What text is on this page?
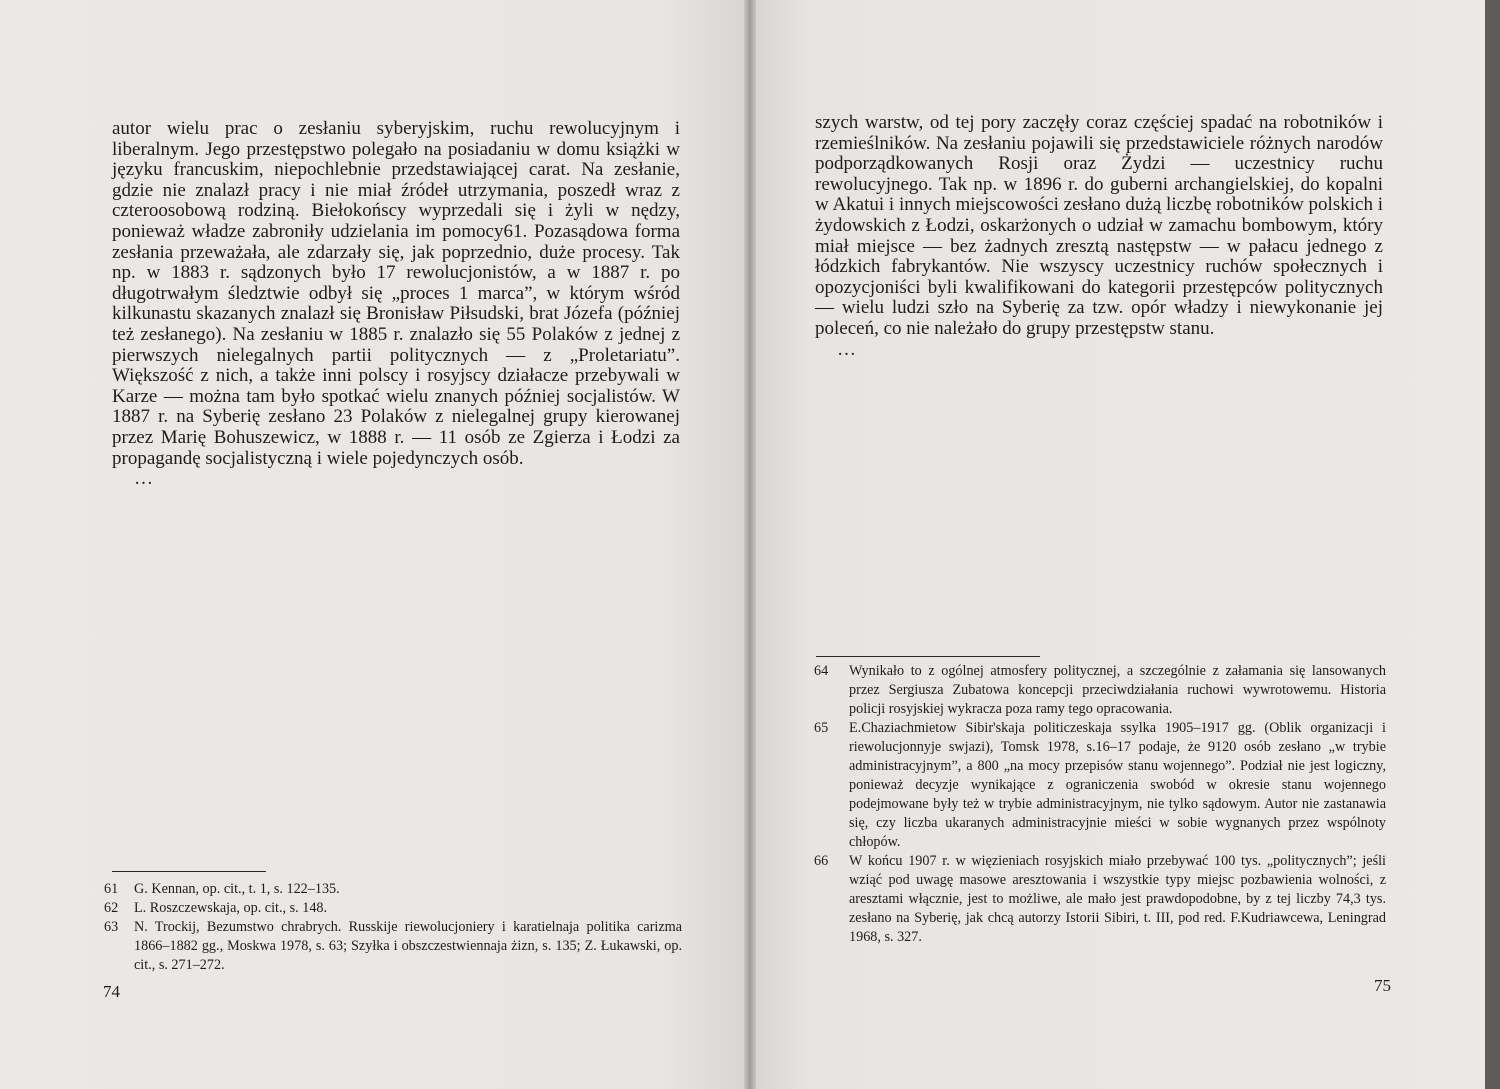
autor wielu prac o zesłaniu syberyjskim, ruchu rewolucyjnym i liberalnym. Jego przestępstwo polegało na posiadaniu w domu książki w języku francuskim, niepochlebnie przedstawiającej carat. Na zesłanie, gdzie nie znalazł pracy i nie miał źródeł utrzymania, poszedł wraz z czteroosobową rodziną. Biełokońscy wyprzedali się i żyli w nędzy, ponieważ władze zabroniły udzielania im pomocy61. Pozasądowa forma zesłania przeważała, ale zdarzały się, jak poprzednio, duże procesy. Tak np. w 1883 r. sądzonych było 17 rewolucjonistów, a w 1887 r. po długotrwałym śledztwie odbył się „proces 1 marca”, w którym wśród kilkunastu skazanych znalazł się Bronisław Piłsudski, brat Józefa (później też zesłanego). Na zesłaniu w 1885 r. znalazło się 55 Polaków z jednej z pierwszych nielegalnych partii politycznych — z „Proletariatu”. Większość z nich, a także inni polscy i rosyjscy działacze przebywali w Karze — można tam było spotkać wielu znanych później socjalistów. W 1887 r. na Syberię zesłano 23 Polaków z nielegalnej grupy kierowanej przez Marię Bohuszewicz, w 1888 r. — 11 osób ze Zgierza i Łodzi za propagandę socjalistyczną i wiele pojedynczych osób.

…

61	G. Kennan, op. cit., t. 1, s. 122–135.
62	L. Roszczewskaja, op. cit., s. 148.
63	N. Trockij, Bezumstwo chrabrych. Russkije riewolucjoniery i karatielnaja politika carizma 1866–1882 gg., Moskwa 1978, s. 63; Szyłka i obszczestwiennaja żizn, s. 135; Z. Łukawski, op. cit., s. 271–272.
74

szych warstw, od tej pory zaczęły coraz częściej spadać na robotników i rzemieślników. Na zesłaniu pojawili się przedstawiciele różnych narodów podporządkowanych Rosji oraz Żydzi — uczestnicy ruchu rewolucyjnego. Tak np. w 1896 r. do guberni archangielskiej, do kopalni w Akatui i innych miejscowości zesłano dużą liczbę robotników polskich i żydowskich z Łodzi, oskarżonych o udział w zamachu bombowym, który miał miejsce — bez żadnych zresztą następstw — w pałacu jednego z łódzkich fabrykantów. Nie wszyscy uczestnicy ruchów społecznych i opozycjoniści byli kwalifikowani do kategorii przestępców politycznych — wielu ludzi szło na Syberię za tzw. opór władzy i niewykonanie jej poleceń, co nie należało do grupy przestępstw stanu.

…

64	Wynikało to z ogólnej atmosfery politycznej, a szczególnie z załamania się lansowanych przez Sergiusza Zubatowa koncepcji przeciwdziałania ruchowi wywrotowemu. Historia policji rosyjskiej wykracza poza ramy tego opracowania.
65	E.Chaziachmietow Sibir'skaja politiczeskaja ssylka 1905–1917 gg. (Oblik organizacji i riewolucjonnyje swjazi), Tomsk 1978, s.16–17 podaje, że 9120 osób zesłano „w trybie administracyjnym”, a 800 „na mocy przepisów stanu wojennego”. Podział nie jest logiczny, ponieważ decyzje wynikające z ograniczenia swobód w okresie stanu wojennego podejmowane były też w trybie administracyjnym, nie tylko sądowym. Autor nie zastanawia się, czy liczba ukaranych administracyjnie mieści w sobie wygnanych przez wspólnoty chłopów.
66	W końcu 1907 r. w więzieniach rosyjskich miało przebywać 100 tys. „politycznych”; jeśli wziąć pod uwagę masowe aresztowania i wszystkie typy miejsc pozbawienia wolności, z aresztami włącznie, jest to możliwe, ale mało jest prawdopodobne, by z tej liczby 74,3 tys. zesłano na Syberię, jak chcą autorzy Istorii Sibiri, t. III, pod red. F.Kudriawcewa, Leningrad 1968, s. 327.
75
